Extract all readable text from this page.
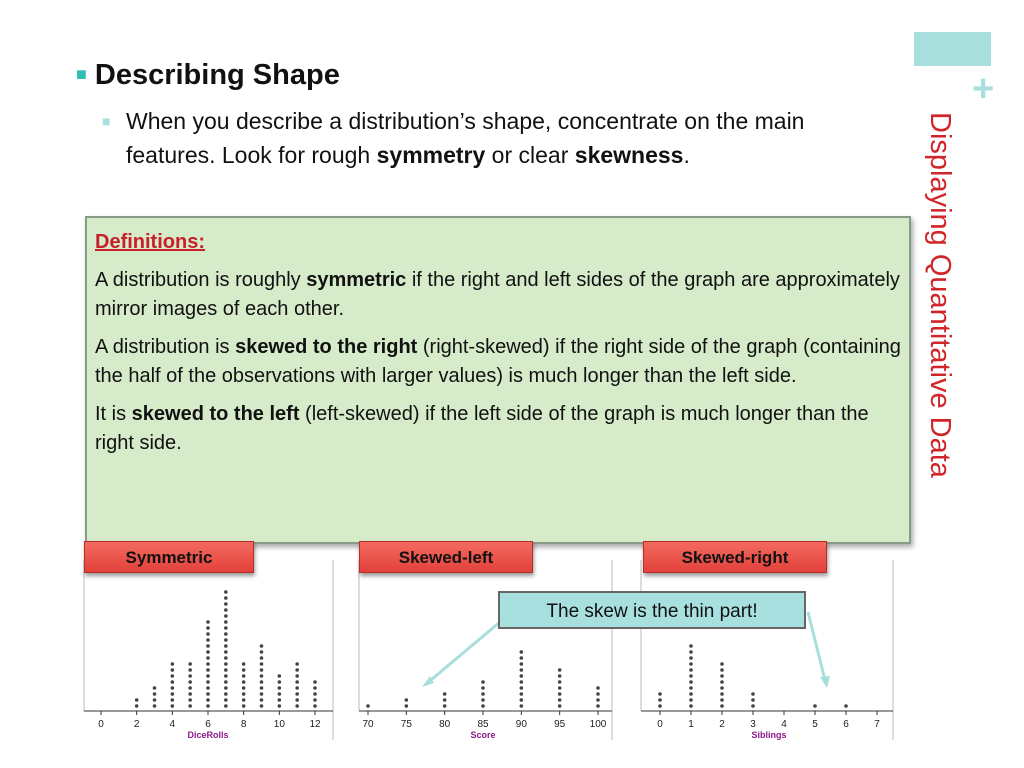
+
Displaying Quantitative Data
■ Describing Shape
■ When you describe a distribution’s shape, concentrate on the main features. Look for rough symmetry or clear skewness.

Definitions:

A distribution is roughly symmetric if the right and left sides of the graph are approximately mirror images of each other.

A distribution is skewed to the right (right-skewed) if the right side of the graph (containing the half of the observations with larger values) is much longer than the left side.

It is skewed to the left (left-skewed) if the left side of the graph is much longer than the right side.

0	2	4	6	8	10 12
DiceRolls
70	75	80	85	90	95 100
Score
0	1	2	3	4	5	6	7
Siblings
Symmetric	Skewed-left	Skewed-right
The skew is the thin part!
